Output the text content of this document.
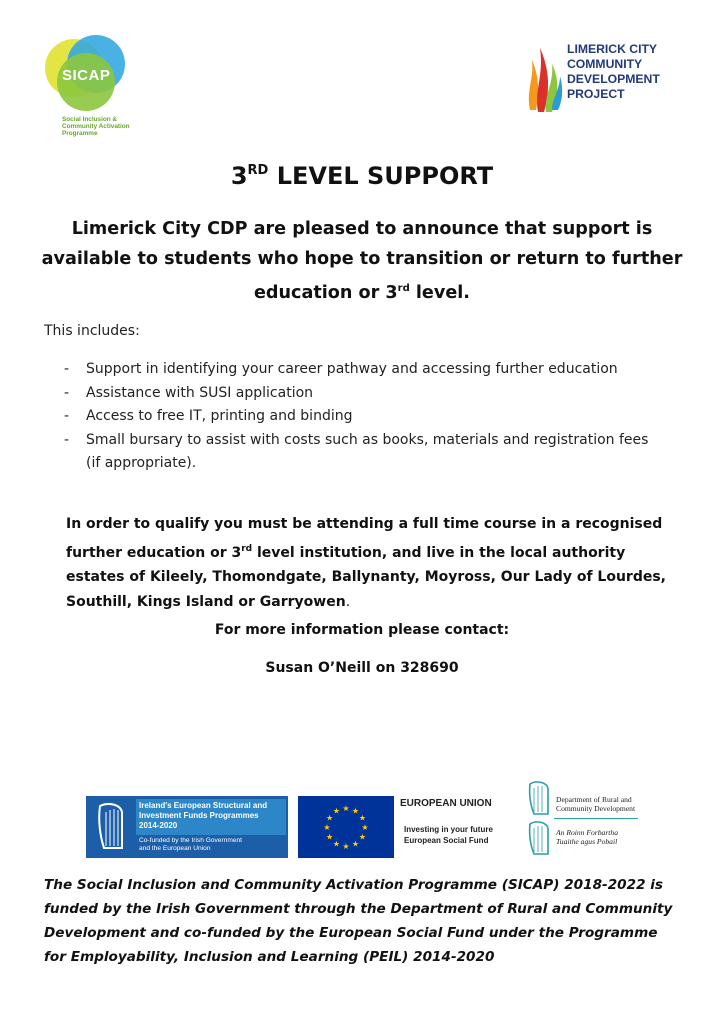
SICAP
Social Inclusion &
Community Activation
Programme
LIMERICK CITY
COMMUNITY
DEVELOPMENT
PROJECT
3RD LEVEL SUPPORT
Limerick City CDP are pleased to announce that support is available to students who hope to transition or return to further education or 3rd level.
This includes:
- Support in identifying your career pathway and accessing further education
- Assistance with SUSI application
- Access to free IT, printing and binding
- Small bursary to assist with costs such as books, materials and registration fees (if appropriate).
In order to qualify you must be attending a full time course in a recognised further education or 3rd level institution, and live in the local authority estates of Kileely, Thomondgate, Ballynanty, Moyross, Our Lady of Lourdes, Southill, Kings Island or Garryowen.
For more information please contact:
Susan O’Neill on 328690
Ireland's European Structural and
Investment Funds Programmes
2014-2020
Co-funded by the Irish Government
and the European Union
★ ★
★
★
★
★
★
★
★
★
★
★
EUROPEAN UNION
Investing in your future
European Social Fund
Department of Rural and
Community Development
An Roinn Forbartha
Tuaithe agus Pobail
The Social Inclusion and Community Activation Programme (SICAP) 2018-2022 is funded by the Irish Government through the Department of Rural and Community Development and co-funded by the European Social Fund under the Programme for Employability, Inclusion and Learning (PEIL) 2014-2020
